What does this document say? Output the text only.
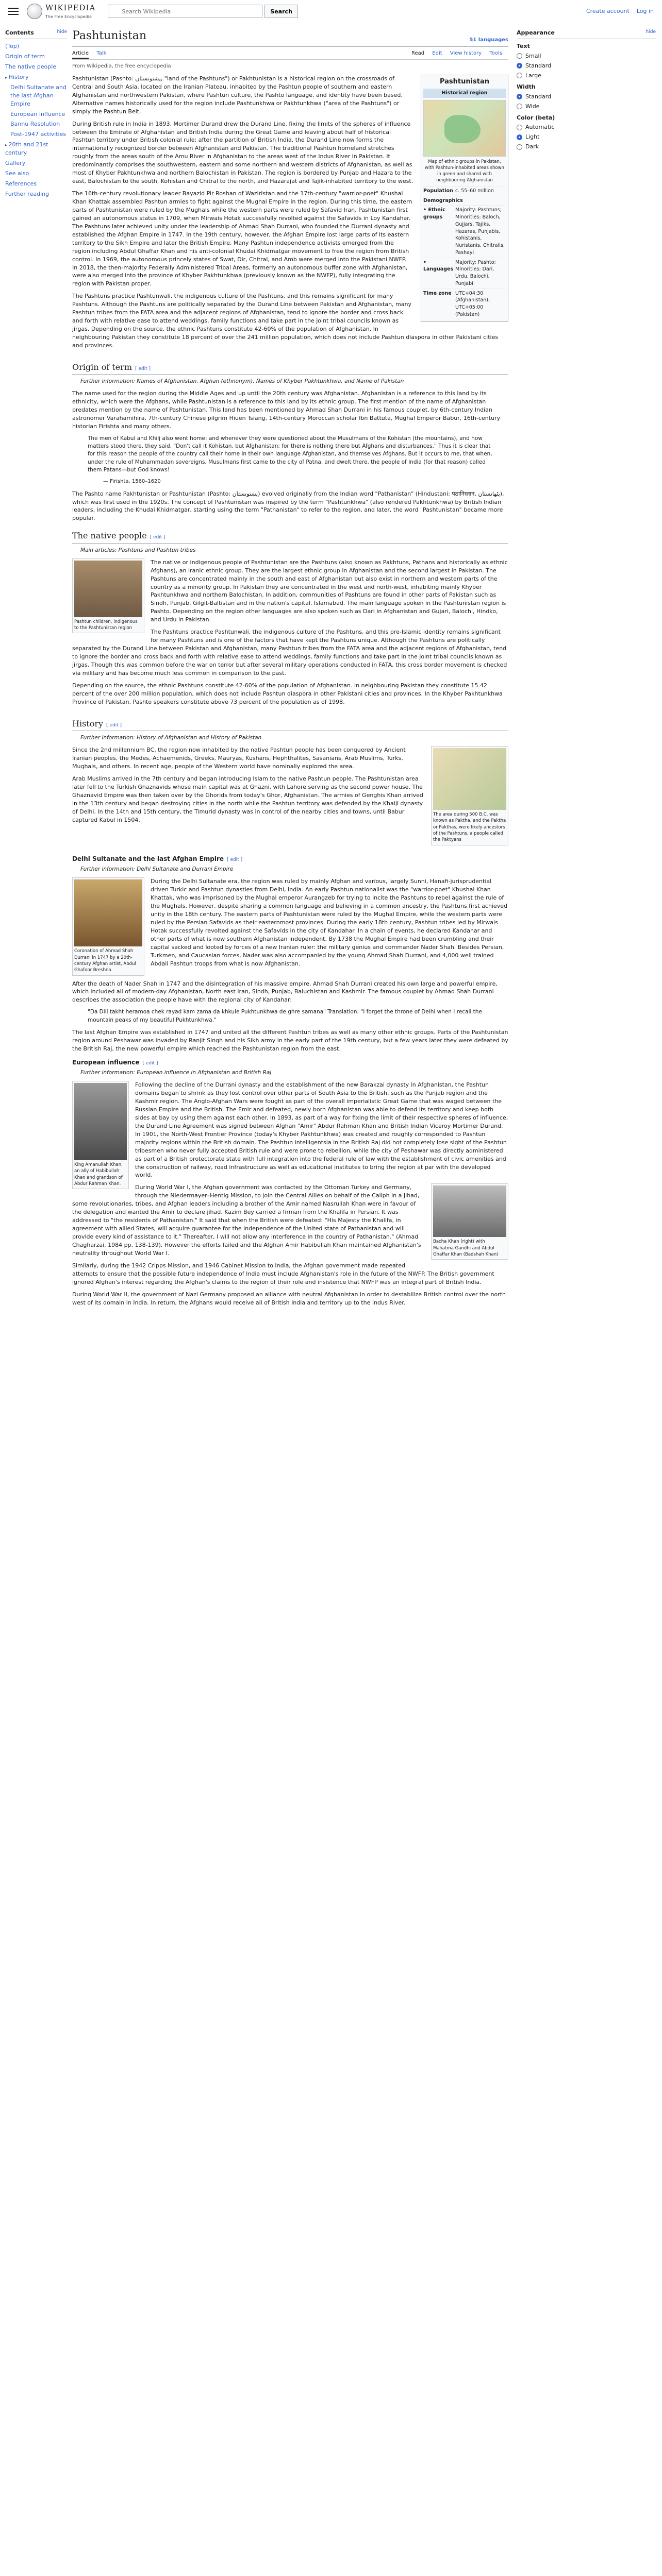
WIKIPEDIA
The Free Encyclopedia
Search Wikipedia
Search	Create account Log in
Contents	hide
(Top)
Origin of term
The native people
▸ History
Delhi Sultanate and the last Afghan Empire
European influence
Bannu Resolution
Post-1947 activities
▸ 20th and 21st century
Gallery
See also
References
Further reading
Pashtunistan	51 languages
Article Talk	Read Edit View history Tools
From Wikipedia, the free encyclopedia
Pashtunistan
Historical region
Map of ethnic groups in Pakistan, with Pashtun-inhabited areas shown in green and shared with neighbouring Afghanistan
Population c. 55–60 million
Demographics
• Ethnic groups
Majority: Pashtuns; Minorities: Baloch, Gujjars, Tajiks, Hazaras, Punjabis, Kohistanis, Nuristanis, Chitralis, Pashayi
• Languages
Majority: Pashto; Minorities: Dari, Urdu, Balochi, Punjabi
Time zone UTC+04:30 (Afghanistan); UTC+05:00 (Pakistan)

Pashtunistan (Pashto: پښتونستان, "land of the Pashtuns") or Pakhtunistan is a historical region on the crossroads of Central and South Asia, located on the Iranian Plateau, inhabited by the Pashtun people of southern and eastern Afghanistan and northwestern Pakistan, where Pashtun culture, the Pashto language, and identity have been based. Alternative names historically used for the region include Pashtunkhwa or Pakhtunkhwa ("area of the Pashtuns") or simply the Pashtun Belt.

During British rule in India in 1893, Mortimer Durand drew the Durand Line, fixing the limits of the spheres of influence between the Emirate of Afghanistan and British India during the Great Game and leaving about half of historical Pashtun territory under British colonial rule; after the partition of British India, the Durand Line now forms the internationally recognized border between Afghanistan and Pakistan. The traditional Pashtun homeland stretches roughly from the areas south of the Amu River in Afghanistan to the areas west of the Indus River in Pakistan. It predominantly comprises the southwestern, eastern and some northern and western districts of Afghanistan, as well as most of Khyber Pakhtunkhwa and northern Balochistan in Pakistan. The region is bordered by Punjab and Hazara to the east, Balochistan to the south, Kohistan and Chitral to the north, and Hazarajat and Tajik-inhabited territory to the west.

The 16th-century revolutionary leader Bayazid Pir Roshan of Waziristan and the 17th-century "warrior-poet" Khushal Khan Khattak assembled Pashtun armies to fight against the Mughal Empire in the region. During this time, the eastern parts of Pashtunistan were ruled by the Mughals while the western parts were ruled by Safavid Iran. Pashtunistan first gained an autonomous status in 1709, when Mirwais Hotak successfully revolted against the Safavids in Loy Kandahar. The Pashtuns later achieved unity under the leadership of Ahmad Shah Durrani, who founded the Durrani dynasty and established the Afghan Empire in 1747. In the 19th century, however, the Afghan Empire lost large parts of its eastern territory to the Sikh Empire and later the British Empire. Many Pashtun independence activists emerged from the region including Abdul Ghaffar Khan and his anti-colonial Khudai Khidmatgar movement to free the region from British control. In 1969, the autonomous princely states of Swat, Dir, Chitral, and Amb were merged into the Pakistani NWFP. In 2018, the then-majority Federally Administered Tribal Areas, formerly an autonomous buffer zone with Afghanistan, were also merged into the province of Khyber Pakhtunkhwa (previously known as the NWFP), fully integrating the region with Pakistan proper.

The Pashtuns practice Pashtunwali, the indigenous culture of the Pashtuns, and this remains significant for many Pashtuns. Although the Pashtuns are politically separated by the Durand Line between Pakistan and Afghanistan, many Pashtun tribes from the FATA area and the adjacent regions of Afghanistan, tend to ignore the border and cross back and forth with relative ease to attend weddings, family functions and take part in the joint tribal councils known as jirgas. Depending on the source, the ethnic Pashtuns constitute 42-60% of the population of Afghanistan. In neighbouring Pakistan they constitute 18 percent of over the 241 million population, which does not include Pashtun diaspora in other Pakistani cities and provinces.

Origin of term [ edit ]
Further information: Names of Afghanistan, Afghan (ethnonym), Names of Khyber Pakhtunkhwa, and Name of Pakistan

The name used for the region during the Middle Ages and up until the 20th century was Afghanistan. Afghanistan is a reference to this land by its ethnicity, which were the Afghans, while Pashtunistan is a reference to this land by its ethnic group. The first mention of the name of Afghanistan predates mention by the name of Pashtunistan. This land has been mentioned by Ahmad Shah Durrani in his famous couplet, by 6th-century Indian astronomer Varahamihira, 7th-century Chinese pilgrim Hiuen Tsiang, 14th-century Moroccan scholar Ibn Battuta, Mughal Emperor Babur, 16th-century historian Firishta and many others.

The men of Kabul and Khilj also went home; and whenever they were questioned about the Musulmans of the Kohistan (the mountains), and how matters stood there, they said, "Don't call it Kohistan, but Afghanistan; for there is nothing there but Afghans and disturbances." Thus it is clear that for this reason the people of the country call their home in their own language Afghanistan, and themselves Afghans. But it occurs to me, that when, under the rule of Muhammadan sovereigns, Musulmans first came to the city of Patna, and dwelt there, the people of India (for that reason) called them Patans—but God knows!
— Firishta, 1560–1620

The Pashto name Pakhtunistan or Pashtunistan (Pashto: پښتونستان) evolved originally from the Indian word "Pathanistan" (Hindustani: पठानिस्तान, پٹھانستان), which was first used in the 1920s. The concept of Pashtunistan was inspired by the term "Pashtunkhwa" (also rendered Pakhtunkhwa) by British Indian leaders, including the Khudai Khidmatgar, starting using the term "Pathanistan" to refer to the region, and later, the word "Pashtunistan" became more popular.

The native people [ edit ]
Main articles: Pashtuns and Pashtun tribes
Pashtun children, indigenous to the Pashtunistan region

The native or indigenous people of Pashtunistan are the Pashtuns (also known as Pakhtuns, Pathans and historically as ethnic Afghans), an Iranic ethnic group. They are the largest ethnic group in Afghanistan and the second largest in Pakistan. The Pashtuns are concentrated mainly in the south and east of Afghanistan but also exist in northern and western parts of the country as a minority group. In Pakistan they are concentrated in the west and north-west, inhabiting mainly Khyber Pakhtunkhwa and northern Balochistan. In addition, communities of Pashtuns are found in other parts of Pakistan such as Sindh, Punjab, Gilgit-Baltistan and in the nation's capital, Islamabad. The main language spoken in the Pashtunistan region is Pashto. Depending on the region other languages are also spoken such as Dari in Afghanistan and Gujari, Balochi, Hindko, and Urdu in Pakistan.

The Pashtuns practice Pashtunwali, the indigenous culture of the Pashtuns, and this pre-Islamic identity remains significant for many Pashtuns and is one of the factors that have kept the Pashtuns unique. Although the Pashtuns are politically separated by the Durand Line between Pakistan and Afghanistan, many Pashtun tribes from the FATA area and the adjacent regions of Afghanistan, tend to ignore the border and cross back and forth with relative ease to attend weddings, family functions and take part in the joint tribal councils known as jirgas. Though this was common before the war on terror but after several military operations conducted in FATA, this cross border movement is checked via military and has become much less common in comparison to the past.

Depending on the source, the ethnic Pashtuns constitute 42-60% of the population of Afghanistan. In neighbouring Pakistan they constitute 15.42 percent of the over 200 million population, which does not include Pashtun diaspora in other Pakistani cities and provinces. In the Khyber Pakhtunkhwa Province of Pakistan, Pashto speakers constitute above 73 percent of the population as of 1998.

History [ edit ]
Further information: History of Afghanistan and History of Pakistan
The area during 500 B.C. was known as Paktha, and the Paktha or Pakthas, were likely ancestors of the Pashtuns, a people called the Paktyans

Since the 2nd millennium BC, the region now inhabited by the native Pashtun people has been conquered by Ancient Iranian peoples, the Medes, Achaemenids, Greeks, Mauryas, Kushans, Hephthalites, Sasanians, Arab Muslims, Turks, Mughals, and others. In recent age, people of the Western world have nominally explored the area.

Arab Muslims arrived in the 7th century and began introducing Islam to the native Pashtun people. The Pashtunistan area later fell to the Turkish Ghaznavids whose main capital was at Ghazni, with Lahore serving as the second power house. The Ghaznavid Empire was then taken over by the Ghorids from today's Ghor, Afghanistan. The armies of Genghis Khan arrived in the 13th century and began destroying cities in the north while the Pashtun territory was defended by the Khalji dynasty of Delhi. In the 14th and 15th century, the Timurid dynasty was in control of the nearby cities and towns, until Babur captured Kabul in 1504.

Delhi Sultanate and the last Afghan Empire [ edit ]
Further information: Delhi Sultanate and Durrani Empire
Coronation of Ahmad Shah Durrani in 1747 by a 20th-century Afghan artist, Abdul Ghafoor Breshna

During the Delhi Sultanate era, the region was ruled by mainly Afghan and various, largely Sunni, Hanafi-jurisprudential driven Turkic and Pashtun dynasties from Delhi, India. An early Pashtun nationalist was the "warrior-poet" Khushal Khan Khattak, who was imprisoned by the Mughal emperor Aurangzeb for trying to incite the Pashtuns to rebel against the rule of the Mughals. However, despite sharing a common language and believing in a common ancestry, the Pashtuns first achieved unity in the 18th century. The eastern parts of Pashtunistan were ruled by the Mughal Empire, while the western parts were ruled by the Persian Safavids as their easternmost provinces. During the early 18th century, Pashtun tribes led by Mirwais Hotak successfully revolted against the Safavids in the city of Kandahar. In a chain of events, he declared Kandahar and other parts of what is now southern Afghanistan independent. By 1738 the Mughal Empire had been crumbling and their capital sacked and looted by forces of a new Iranian ruler: the military genius and commander Nader Shah. Besides Persian, Turkmen, and Caucasian forces, Nader was also accompanied by the young Ahmad Shah Durrani, and 4,000 well trained Abdali Pashtun troops from what is now Afghanistan.

After the death of Nader Shah in 1747 and the disintegration of his massive empire, Ahmad Shah Durrani created his own large and powerful empire, which included all of modern-day Afghanistan, North east Iran, Sindh, Punjab, Baluchistan and Kashmir. The famous couplet by Ahmad Shah Durrani describes the association the people have with the regional city of Kandahar:

"Da Dili takht heramoa chek rayad kam zama da khkule Pukhtunkhwa de ghre samana" Translation: "I forget the throne of Delhi when I recall the mountain peaks of my beautiful Pukhtunkhwa."

The last Afghan Empire was established in 1747 and united all the different Pashtun tribes as well as many other ethnic groups. Parts of the Pashtunistan region around Peshawar was invaded by Ranjit Singh and his Sikh army in the early part of the 19th century, but a few years later they were defeated by the British Raj, the new powerful empire which reached the Pashtunistan region from the east.

European influence [ edit ]
Further information: European influence in Afghanistan and British Raj
King Amanullah Khan, an ally of Habibullah Khan and grandson of Abdur Rahman Khan.

Following the decline of the Durrani dynasty and the establishment of the new Barakzai dynasty in Afghanistan, the Pashtun domains began to shrink as they lost control over other parts of South Asia to the British, such as the Punjab region and the Kashmir region. The Anglo-Afghan Wars were fought as part of the overall imperialistic Great Game that was waged between the Russian Empire and the British. The Emir and defeated, newly born Afghanistan was able to defend its territory and keep both sides at bay by using them against each other. In 1893, as part of a way for fixing the limit of their respective spheres of influence, the Durand Line Agreement was signed between Afghan "Amir" Abdur Rahman Khan and British Indian Viceroy Mortimer Durand. In 1901, the North-West Frontier Province (today's Khyber Pakhtunkhwa) was created and roughly corresponded to Pashtun majority regions within the British domain. The Pashtun intelligentsia in the British Raj did not completely lose sight of the Pashtun tribesmen who never fully accepted British rule and were prone to rebellion, while the city of Peshawar was directly administered as part of a British protectorate state with full integration into the federal rule of law with the establishment of civic amenities and the construction of railway, road infrastructure as well as educational institutes to bring the region at par with the developed world.

Bacha Khan (right) with Mahatma Gandhi and Abdul Ghaffar Khan (Badshah Khan)

During World War I, the Afghan government was contacted by the Ottoman Turkey and Germany, through the Niedermayer–Hentig Mission, to join the Central Allies on behalf of the Caliph in a Jihad, some revolutionaries, tribes, and Afghan leaders including a brother of the Amir named Nasrullah Khan were in favour of the delegation and wanted the Amir to declare jihad. Kazim Bey carried a firman from the Khalifa in Persian. It was addressed to "the residents of Pathanistan." It said that when the British were defeated: "His Majesty the Khalifa, in agreement with allied States, will acquire guarantee for the independence of the United state of Pathanistan and will provide every kind of assistance to it." Thereafter, I will not allow any interference in the country of Pathanistan." (Ahmad Chagharzai, 1984 pp. 138-139). However the efforts failed and the Afghan Amir Habibullah Khan maintained Afghanistan's neutrality throughout World War I.

Similarly, during the 1942 Cripps Mission, and 1946 Cabinet Mission to India, the Afghan government made repeated attempts to ensure that the possible future independence of India must include Afghanistan's role in the future of the NWFP. The British government ignored Afghan's interest regarding the Afghan's claims to the region of their role and insistence that NWFP was an integral part of British India.

During World War II, the government of Nazi Germany proposed an alliance with neutral Afghanistan in order to destabilize British control over the north west of its domain in India. In return, the Afghans would receive all of British India and territory up to the Indus River.

Appearance	hide
Text
Small
Standard
Large
Width
Standard
Wide
Color (beta)
Automatic
Light
Dark
